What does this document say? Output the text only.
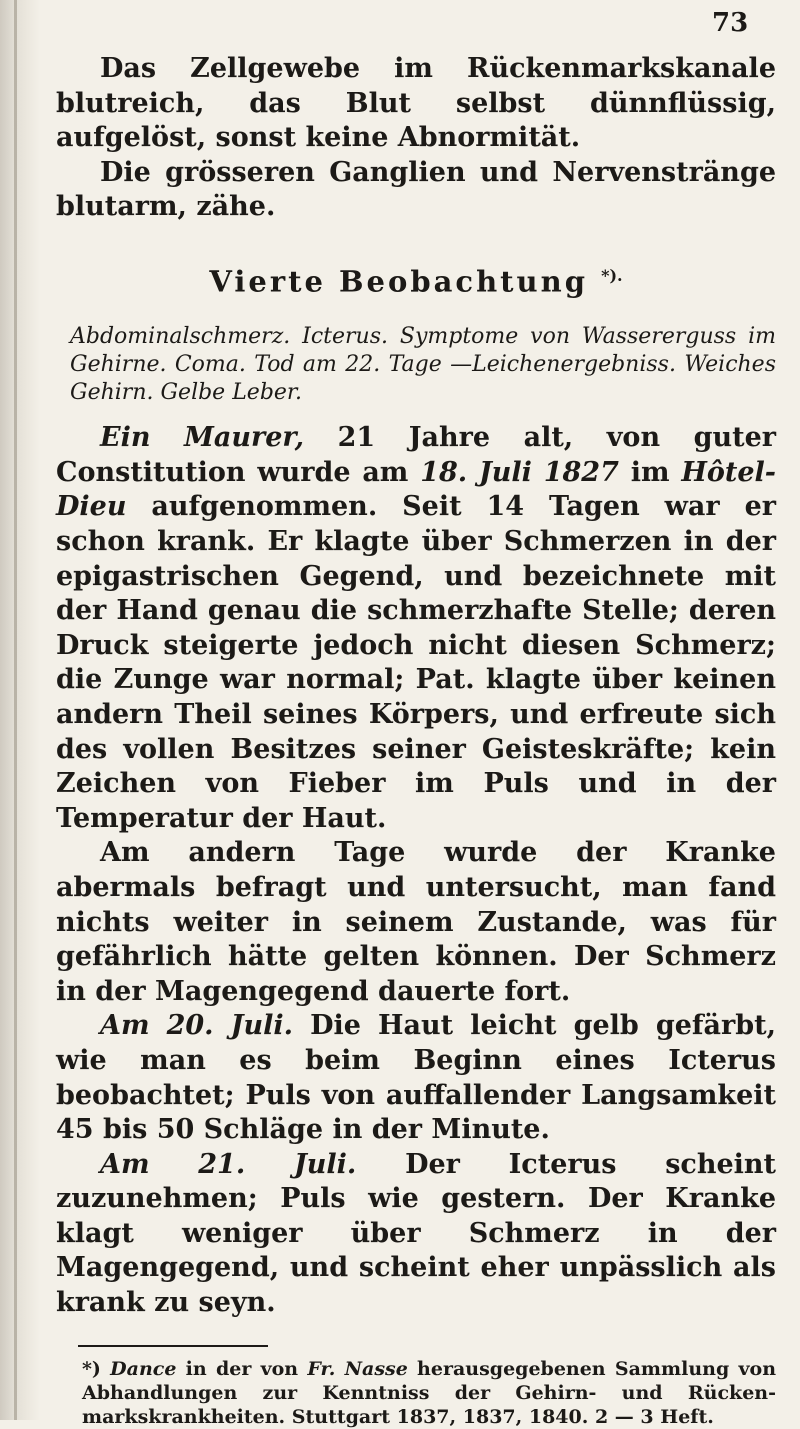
73

Das Zellgewebe im Rückenmarkskanale blutreich, das Blut selbst dünnflüssig, aufgelöst, sonst keine Abnormität.

Die grösseren Ganglien und Nervenstränge blutarm, zähe.

Vierte Beobachtung *).

Abdominalschmerz. Icterus. Symptome von Wassererguss im Gehirne. Coma. Tod am 22. Tage —Leichenergebniss. Weiches Gehirn. Gelbe Leber.

Ein Maurer, 21 Jahre alt, von guter Constitution wurde am 18. Juli 1827 im Hôtel-Dieu aufgenommen. Seit 14 Tagen war er schon krank. Er klagte über Schmerzen in der epigastrischen Gegend, und bezeichnete mit der Hand genau die schmerzhafte Stelle; deren Druck steigerte jedoch nicht diesen Schmerz; die Zunge war normal; Pat. klagte über keinen andern Theil seines Körpers, und erfreute sich des vollen Besitzes seiner Geisteskräfte; kein Zeichen von Fieber im Puls und in der Temperatur der Haut.

Am andern Tage wurde der Kranke abermals befragt und untersucht, man fand nichts weiter in seinem Zustande, was für gefährlich hätte gelten können. Der Schmerz in der Magengegend dauerte fort.

Am 20. Juli. Die Haut leicht gelb gefärbt, wie man es beim Beginn eines Icterus beobachtet; Puls von auffallender Langsamkeit 45 bis 50 Schläge in der Minute.

Am 21. Juli. Der Icterus scheint zuzunehmen; Puls wie gestern. Der Kranke klagt weniger über Schmerz in der Magengegend, und scheint eher unpässlich als krank zu seyn.

*) Dance in der von Fr. Nasse herausgegebenen Sammlung von Abhandlungen zur Kenntniss der Gehirn- und Rücken-markskrankheiten. Stuttgart 1837, 1837, 1840. 2 — 3 Heft.
